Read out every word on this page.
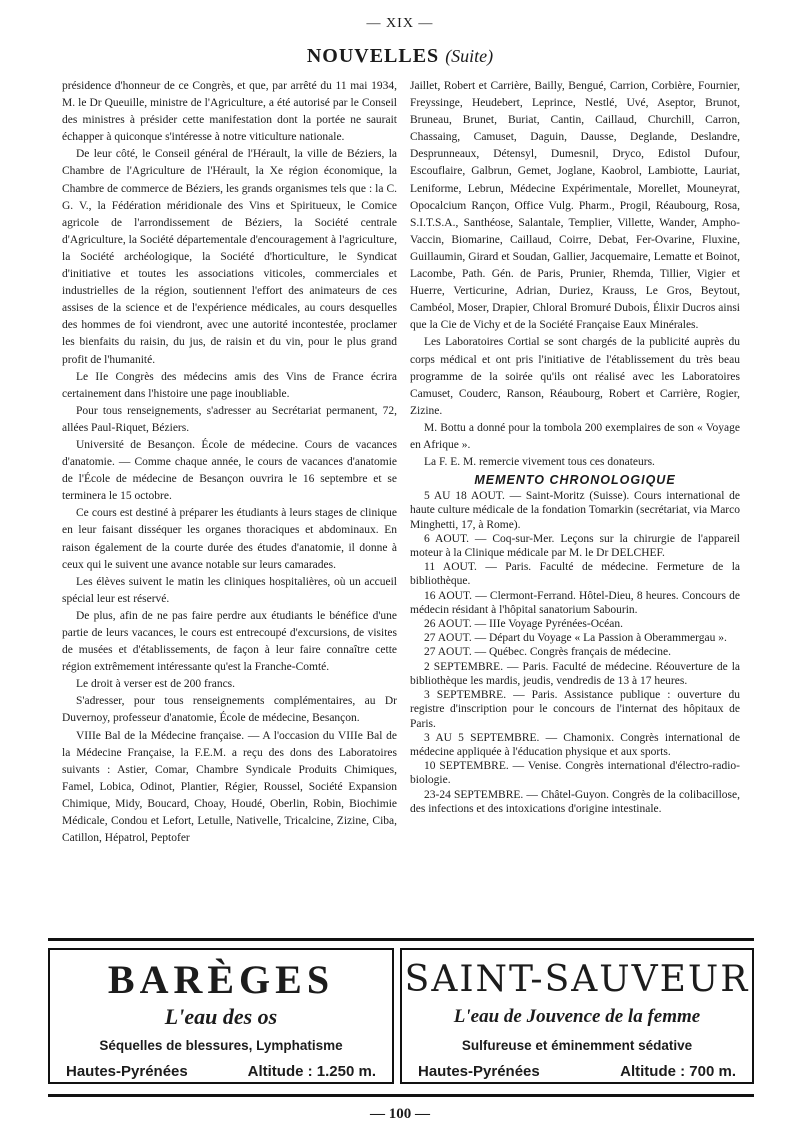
— XIX —
NOUVELLES (Suite)

présidence d'honneur de ce Congrès, et que, par arrêté du 11 mai 1934, M. le Dr Queuille, ministre de l'Agriculture, a été autorisé par le Conseil des ministres à présider cette manifestation dont la portée ne saurait échapper à quiconque s'intéresse à notre viticulture nationale.

De leur côté, le Conseil général de l'Hérault, la ville de Béziers, la Chambre de l'Agriculture de l'Hérault, la Xe région économique, la Chambre de commerce de Béziers, les grands organismes tels que : la C. G. V., la Fédération méridionale des Vins et Spiritueux, le Comice agricole de l'arrondissement de Béziers, la Société centrale d'Agriculture, la Société départementale d'encouragement à l'agriculture, la Société archéologique, la Société d'horticulture, le Syndicat d'initiative et toutes les associations viticoles, commerciales et industrielles de la région, soutiennent l'effort des animateurs de ces assises de la science et de l'expérience médicales, au cours desquelles des hommes de foi viendront, avec une autorité incontestée, proclamer les bienfaits du raisin, du jus, de raisin et du vin, pour le plus grand profit de l'humanité.

Le IIe Congrès des médecins amis des Vins de France écrira certainement dans l'histoire une page inoubliable.

Pour tous renseignements, s'adresser au Secrétariat permanent, 72, allées Paul-Riquet, Béziers.

Université de Besançon. École de médecine. Cours de vacances d'anatomie. — Comme chaque année, le cours de vacances d'anatomie de l'École de médecine de Besançon ouvrira le 16 septembre et se terminera le 15 octobre.

Ce cours est destiné à préparer les étudiants à leurs stages de clinique en leur faisant disséquer les organes thoraciques et abdominaux. En raison également de la courte durée des études d'anatomie, il donne à ceux qui le suivent une avance notable sur leurs camarades.

Les élèves suivent le matin les cliniques hospitalières, où un accueil spécial leur est réservé.

De plus, afin de ne pas faire perdre aux étudiants le bénéfice d'une partie de leurs vacances, le cours est entrecoupé d'excursions, de visites de musées et d'établissements, de façon à leur faire connaître cette région extrêmement intéressante qu'est la Franche-Comté.

Le droit à verser est de 200 francs.

S'adresser, pour tous renseignements complémentaires, au Dr Duvernoy, professeur d'anatomie, École de médecine, Besançon.

VIIIe Bal de la Médecine française. — A l'occasion du VIIIe Bal de la Médecine Française, la F.E.M. a reçu des dons des Laboratoires suivants : Astier, Comar, Chambre Syndicale Produits Chimiques, Famel, Lobica, Odinot, Plantier, Régier, Roussel, Société Expansion Chimique, Midy, Boucard, Choay, Houdé, Oberlin, Robin, Biochimie Médicale, Condou et Lefort, Letulle, Nativelle, Tricalcine, Zizine, Ciba, Catillon, Hépatrol, Peptofer

Jaillet, Robert et Carrière, Bailly, Bengué, Carrion, Corbière, Fournier, Freyssinge, Heudebert, Leprince, Nestlé, Uvé, Aseptor, Brunot, Bruneau, Brunet, Buriat, Cantin, Caillaud, Churchill, Carron, Chassaing, Camuset, Daguin, Dausse, Deglande, Deslandre, Desprunneaux, Détensyl, Dumesnil, Dryco, Edistol Dufour, Escouflaire, Galbrun, Gemet, Joglane, Kaobrol, Lambiotte, Lauriat, Leniforme, Lebrun, Médecine Expérimentale, Morellet, Mouneyrat, Opocalcium Rançon, Office Vulg. Pharm., Progil, Réaubourg, Rosa, S.I.T.S.A., Santhéose, Salantale, Templier, Villette, Wander, Ampho-Vaccin, Biomarine, Caillaud, Coirre, Debat, Fer-Ovarine, Fluxine, Guillaumin, Girard et Soudan, Gallier, Jacquemaire, Lematte et Boinot, Lacombe, Path. Gén. de Paris, Prunier, Rhemda, Tillier, Vigier et Huerre, Verticurine, Adrian, Duriez, Krauss, Le Gros, Beytout, Cambéol, Moser, Drapier, Chloral Bromuré Dubois, Élixir Ducros ainsi que la Cie de Vichy et de la Société Française Eaux Minérales.

Les Laboratoires Cortial se sont chargés de la publicité auprès du corps médical et ont pris l'initiative de l'établissement du très beau programme de la soirée qu'ils ont réalisé avec les Laboratoires Camuset, Couderc, Ranson, Réaubourg, Robert et Carrière, Rogier, Zizine.

M. Bottu a donné pour la tombola 200 exemplaires de son « Voyage en Afrique ».

La F. E. M. remercie vivement tous ces donateurs.

MEMENTO CHRONOLOGIQUE

5 AU 18 AOUT. — Saint-Moritz (Suisse). Cours international de haute culture médicale de la fondation Tomarkin (secrétariat, via Marco Minghetti, 17, à Rome).

6 AOUT. — Coq-sur-Mer. Leçons sur la chirurgie de l'appareil moteur à la Clinique médicale par M. le Dr DELCHEF.

11 AOUT. — Paris. Faculté de médecine. Fermeture de la bibliothèque.

16 AOUT. — Clermont-Ferrand. Hôtel-Dieu, 8 heures. Concours de médecin résidant à l'hôpital sanatorium Sabourin.

26 AOUT. — IIIe Voyage Pyrénées-Océan.

27 AOUT. — Départ du Voyage « La Passion à Oberammergau ».

27 AOUT. — Québec. Congrès français de médecine.

2 SEPTEMBRE. — Paris. Faculté de médecine. Réouverture de la bibliothèque les mardis, jeudis, vendredis de 13 à 17 heures.

3 SEPTEMBRE. — Paris. Assistance publique : ouverture du registre d'inscription pour le concours de l'internat des hôpitaux de Paris.

3 AU 5 SEPTEMBRE. — Chamonix. Congrès international de médecine appliquée à l'éducation physique et aux sports.

10 SEPTEMBRE. — Venise. Congrès international d'électro-radio-biologie.

23-24 SEPTEMBRE. — Châtel-Guyon. Congrès de la colibacillose, des infections et des intoxications d'origine intestinale.

BARÈGES
L'eau des os
Séquelles de blessures, Lymphatisme
Hautes-Pyrénées	Altitude : 1.250 m.
SAINT-SAUVEUR
L'eau de Jouvence de la femme
Sulfureuse et éminemment sédative
Hautes-Pyrénées	Altitude : 700 m.
— 100 —
